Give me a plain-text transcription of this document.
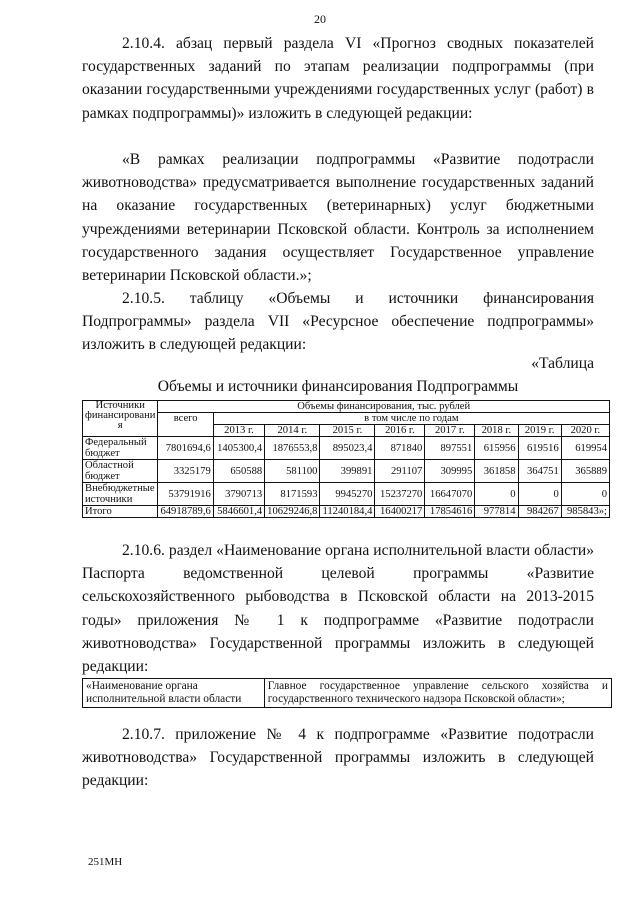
20

2.10.4. абзац первый раздела VI «Прогноз сводных показателей государственных заданий по этапам реализации подпрограммы (при оказании государственными учреждениями государственных услуг (работ) в рамках подпрограммы)» изложить в следующей редакции:

«В рамках реализации подпрограммы «Развитие подотрасли животноводства» предусматривается выполнение государственных заданий на оказание государственных (ветеринарных) услуг бюджетными учреждениями ветеринарии Псковской области. Контроль за исполнением государственного задания осуществляет Государственное управление ветеринарии Псковской области.»;

2.10.5. таблицу «Объемы и источники финансирования Подпрограммы» раздела VII «Ресурсное обеспечение подпрограммы» изложить в следующей редакции:

«Таблица
Объемы и источники финансирования Подпрограммы
Источники финансировани я	Объемы финансирования, тыс. рублей								
	всего	в том числе по годам							
		2013 г.	2014 г.	2015 г.	2016 г.	2017 г.	2018 г.	2019 г.	2020 г.
Федеральный бюджет	7801694,6	1405300,4	1876553,8	895023,4	871840	897551	615956	619516	619954
Областной бюджет	3325179	650588	581100	399891	291107	309995	361858	364751	365889
Внебюджетные источники	53791916	3790713	8171593	9945270	15237270	16647070	0	0	0
Итого	64918789,6	5846601,4	10629246,8	11240184,4	16400217	17854616	977814	984267	985843»;

2.10.6. раздел «Наименование органа исполнительной власти области» Паспорта ведомственной целевой программы «Развитие сельскохозяйственного рыбоводства в Псковской области на 2013-2015 годы» приложения № 1 к подпрограмме «Развитие подотрасли животноводства» Государственной программы изложить в следующей редакции:

«Наименование органа исполнительной власти области	Главное государственное управление сельского хозяйства и государственного технического надзора Псковской области»;

2.10.7. приложение № 4 к подпрограмме «Развитие подотрасли животноводства» Государственной программы изложить в следующей редакции:

251МН
